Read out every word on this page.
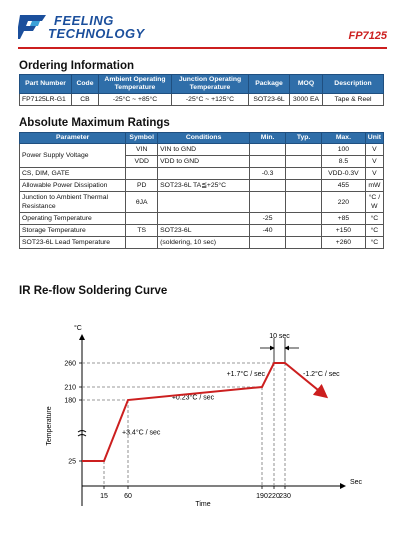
FEELING
TECHNOLOGY	FP7125
Ordering Information
Part Number	Code	Ambient Operating Temperature	Junction Operating Temperature	Package	MOQ	Description
FP7125LR-G1	CB	-25°C ~ +85°C	-25°C ~ +125°C	SOT23-6L	3000 EA	Tape & Reel
Absolute Maximum Ratings
Parameter	Symbol	Conditions	Min.	Typ.	Max.	Unit
Power Supply Voltage	VIN	VIN to GND			100	V
	VDD	VDD to GND			8.5	V
CS, DIM, GATE			-0.3		VDD-0.3V	V
Allowable Power Dissipation	PD	SOT23-6L TA≦+25°C			455	mW
Junction to Ambient Thermal Resistance	θJA				220	°C / W
Operating Temperature			-25		+85	°C
Storage Temperature	TS	SOT23-6L	-40		+150	°C
SOT23-6L Lead Temperature		(soldering, 10 sec)			+260	°C
IR Re-flow Soldering Curve
°C
Sec
Temperature
Time
25
180
210
260
15 60	190 220 230
10 sec
+1.7°C / sec	-1.2°C / sec
+0.23°C / sec
+3.4°C / sec
